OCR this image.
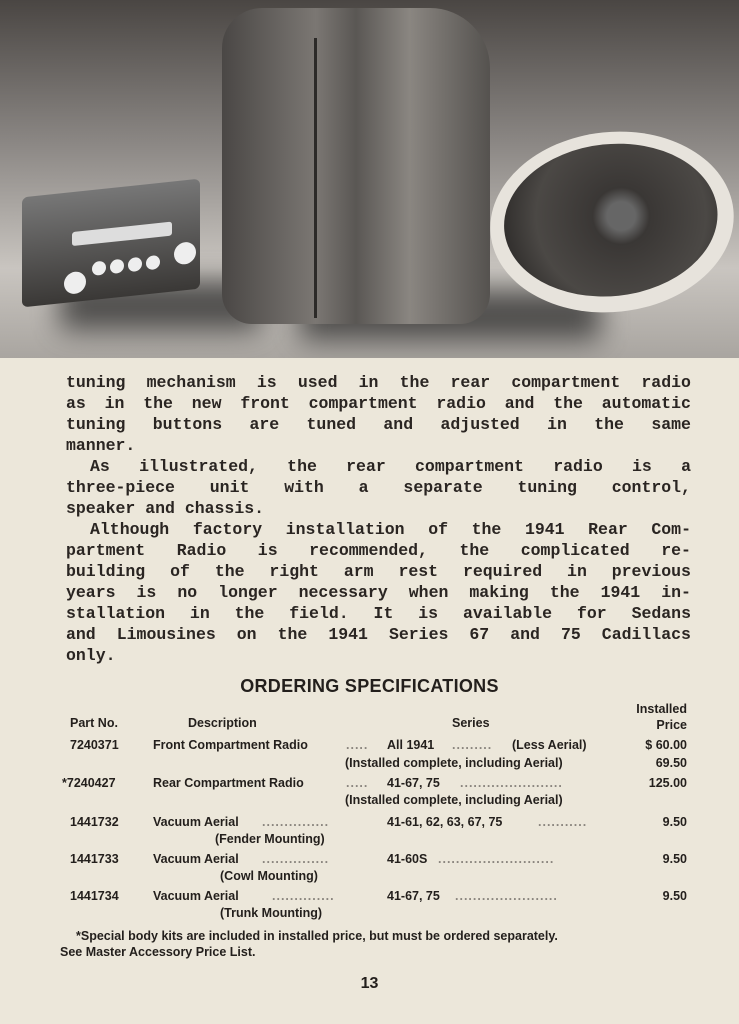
tuning mechanism is used in the rear compartment radio
as in the new front compartment radio and the automatic
tuning buttons are tuned and adjusted in the same
manner.
As illustrated, the rear compartment radio is a
three-piece unit with a separate tuning control,
speaker and chassis.
Although factory installation of the 1941 Rear Com-
partment Radio is recommended, the complicated re-
building of the right arm rest required in previous
years is no longer necessary when making the 1941 in-
stallation in the field. It is available for Sedans
and Limousines on the 1941 Series 67 and 75 Cadillacs
only.
ORDERING SPECIFICATIONS
Part No.	Description	Series
Installed
Price
7240371	Front Compartment Radio	..... All 1941 ......... (Less Aerial)	$ 60.00
(Installed complete, including Aerial)	69.50
*7240427	Rear Compartment Radio	..... 41-67, 75 .......................	125.00
(Installed complete, including Aerial)
1441732	Vacuum Aerial ...............	41-61, 62, 63, 67, 75	...........	9.50
(Fender Mounting)
1441733	Vacuum Aerial ...............	41-60S ..........................	9.50
(Cowl Mounting)
1441734	Vacuum Aerial	..............	41-67, 75 .......................	9.50
(Trunk Mounting)
*Special body kits are included in installed price, but must be ordered separately.
See Master Accessory Price List.
13
